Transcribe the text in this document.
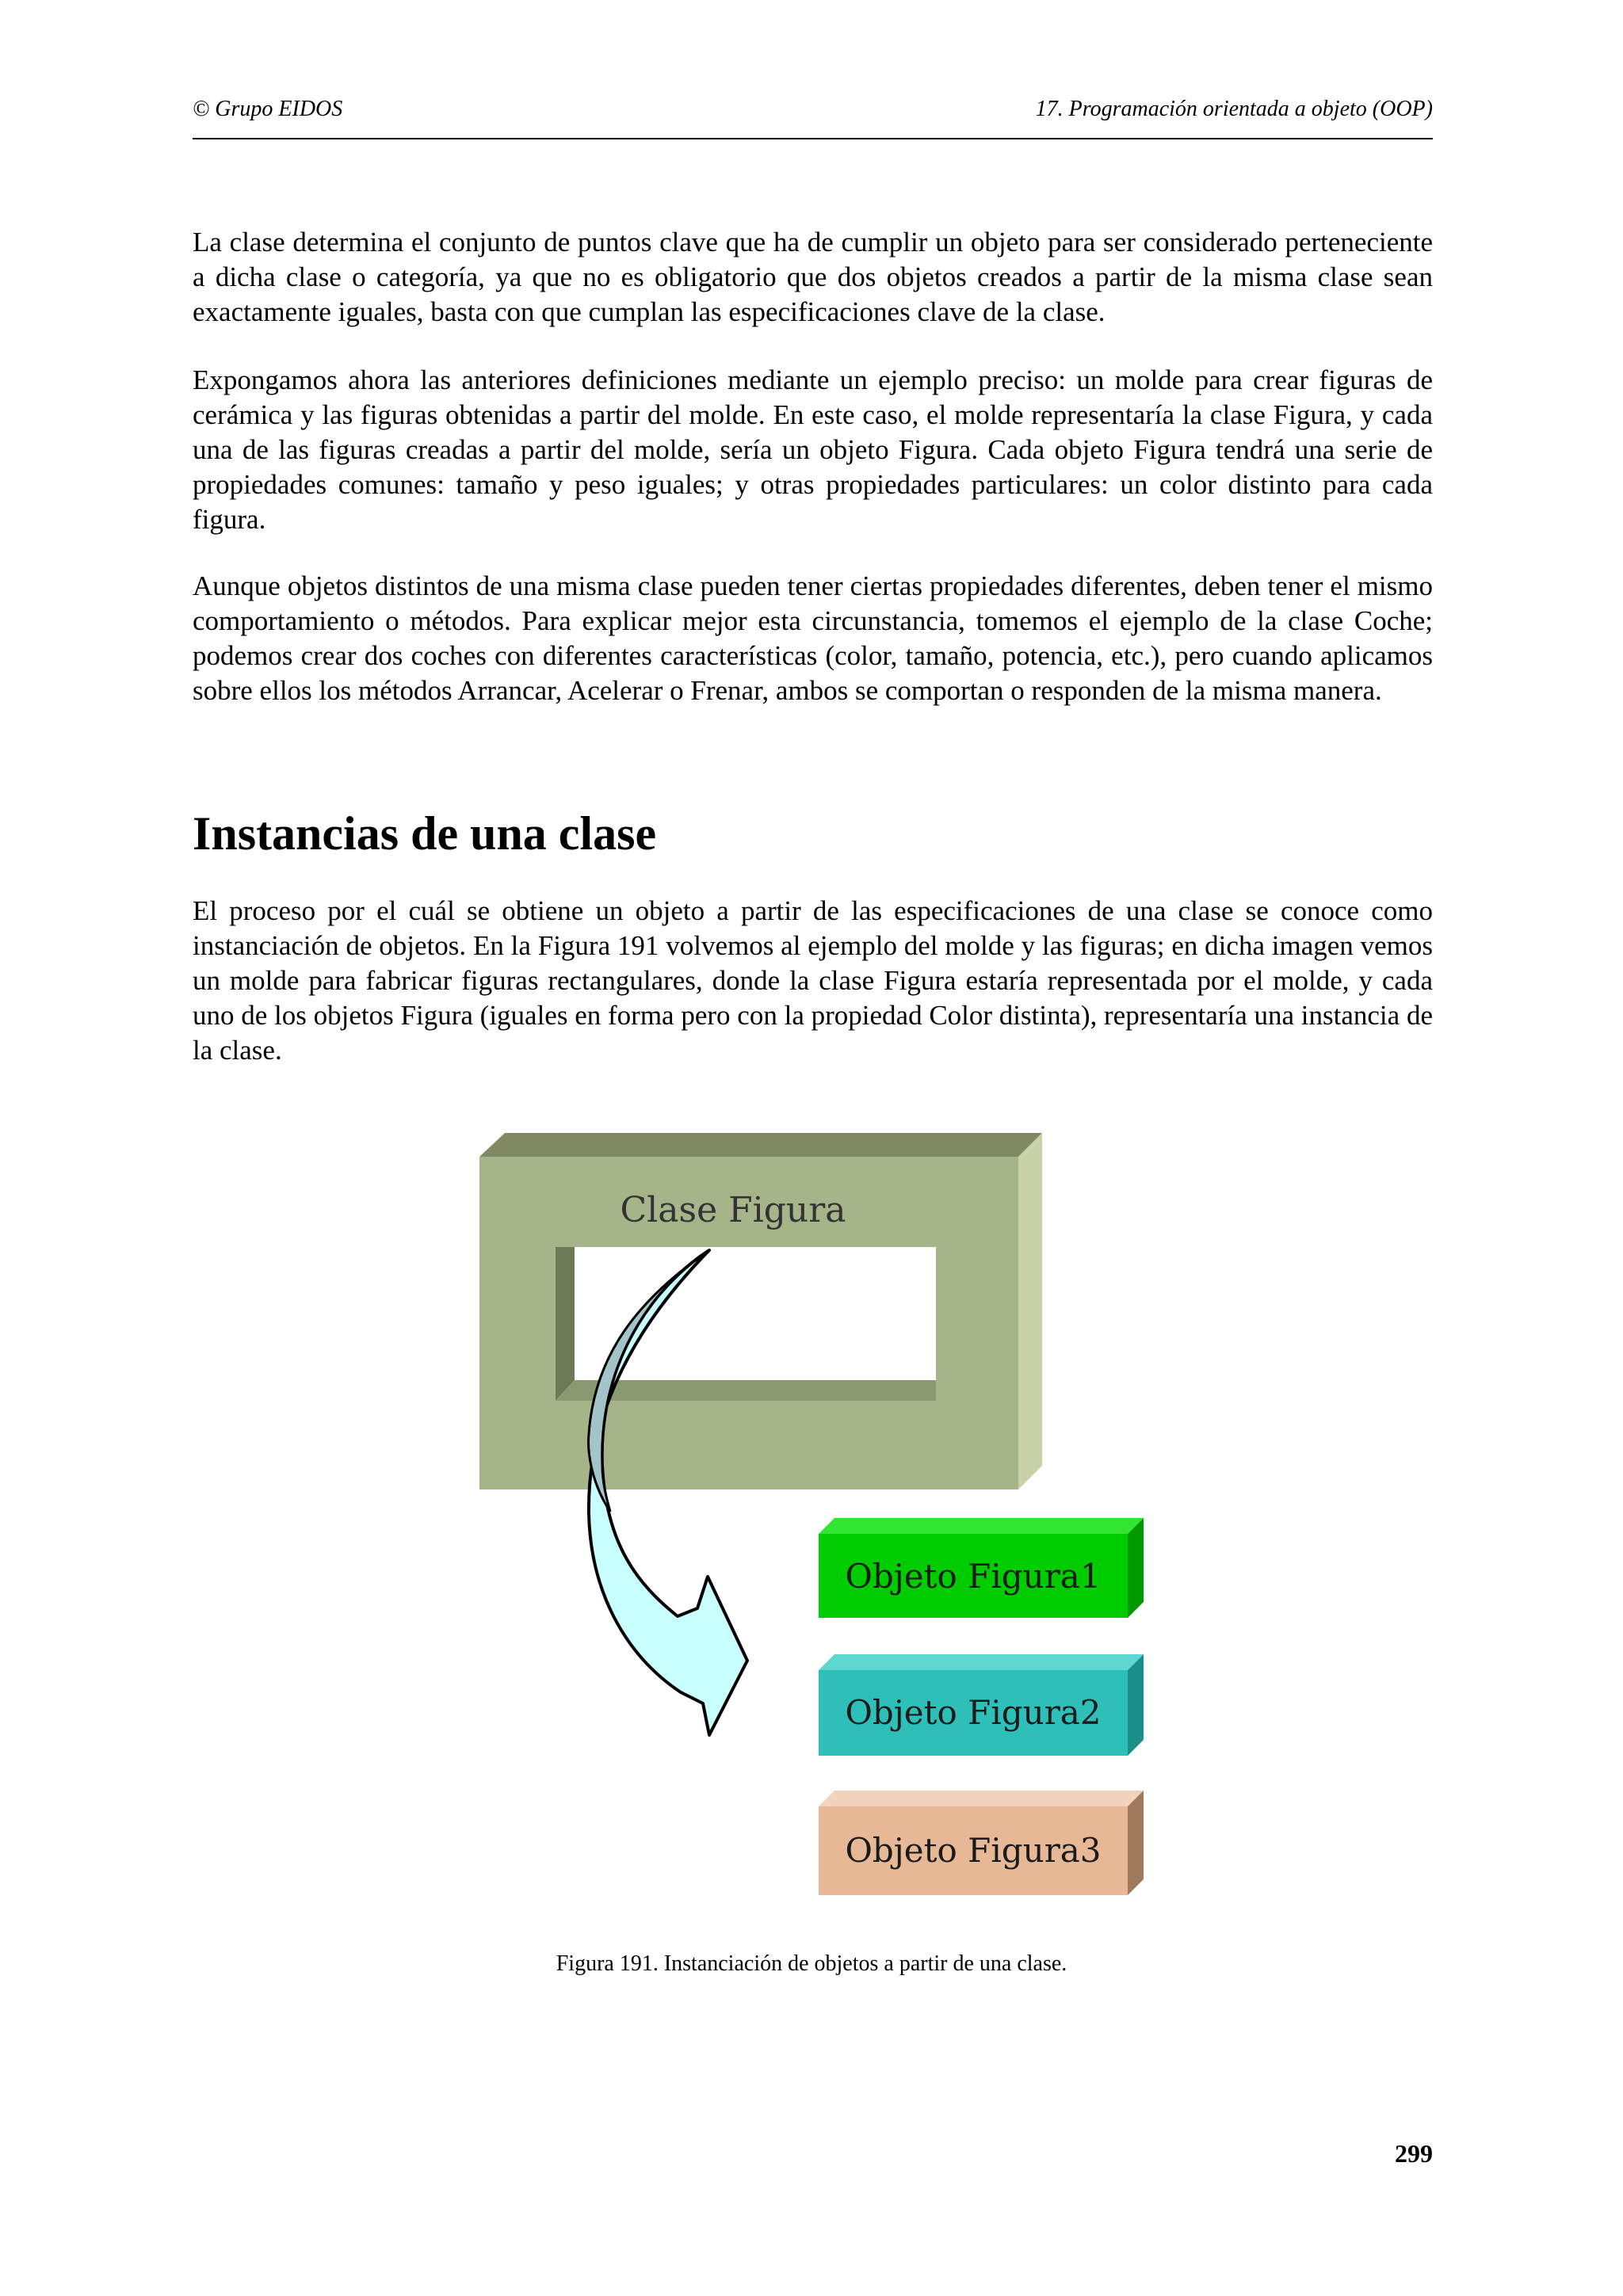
© Grupo EIDOS	17. Programación orientada a objeto (OOP)

La clase determina el conjunto de puntos clave que ha de cumplir un objeto para ser considerado perteneciente a dicha clase o categoría, ya que no es obligatorio que dos objetos creados a partir de la misma clase sean exactamente iguales, basta con que cumplan las especificaciones clave de la clase.

Expongamos ahora las anteriores definiciones mediante un ejemplo preciso: un molde para crear figuras de cerámica y las figuras obtenidas a partir del molde. En este caso, el molde representaría la clase Figura, y cada una de las figuras creadas a partir del molde, sería un objeto Figura. Cada objeto Figura tendrá una serie de propiedades comunes: tamaño y peso iguales; y otras propiedades particulares: un color distinto para cada figura.

Aunque objetos distintos de una misma clase pueden tener ciertas propiedades diferentes, deben tener el mismo comportamiento o métodos. Para explicar mejor esta circunstancia, tomemos el ejemplo de la clase Coche; podemos crear dos coches con diferentes características (color, tamaño, potencia, etc.), pero cuando aplicamos sobre ellos los métodos Arrancar, Acelerar o Frenar, ambos se comportan o responden de la misma manera.

Instancias de una clase

El proceso por el cuál se obtiene un objeto a partir de las especificaciones de una clase se conoce como instanciación de objetos. En la Figura 191 volvemos al ejemplo del molde y las figuras; en dicha imagen vemos un molde para fabricar figuras rectangulares, donde la clase Figura estaría representada por el molde, y cada uno de los objetos Figura (iguales en forma pero con la propiedad Color distinta), representaría una instancia de la clase.

Clase Figura
Objeto Figura1
Objeto Figura2
Objeto Figura3
Figura 191. Instanciación de objetos a partir de una clase.
299
